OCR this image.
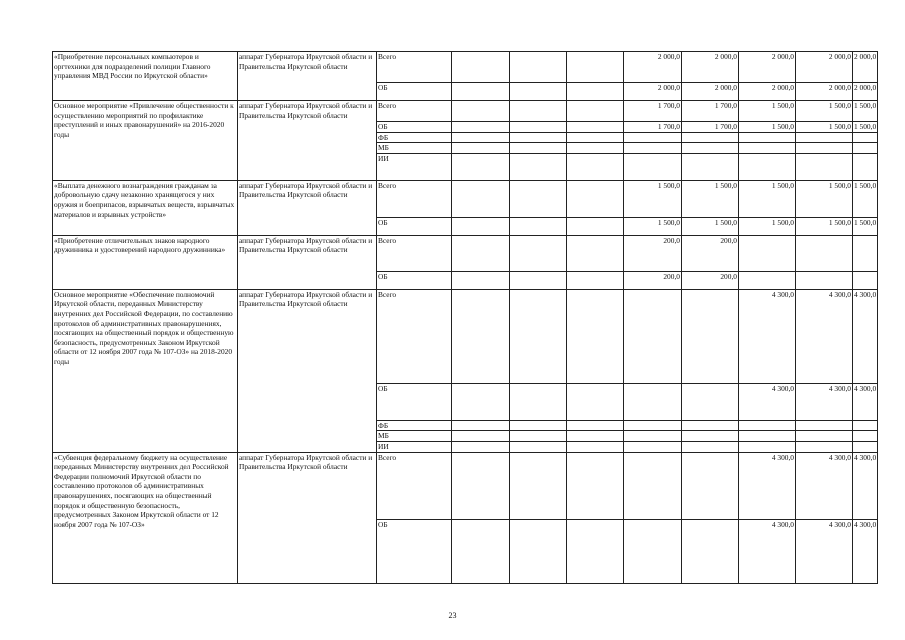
«Приобретение персональных компьютеров и оргтехники для подразделений полиции Главного управления МВД России по Иркутской области»	аппарат Губернатора Иркутской области и Правительства Иркутской области	Всего				2 000,0	2 000,0	2 000,0	2 000,0	2 000,0
		ОБ				2 000,0	2 000,0	2 000,0	2 000,0	2 000,0
Основное мероприятие «Привлечение общественности к осуществлению мероприятий по профилактике преступлений и иных правонарушений» на 2016-2020 годы	аппарат Губернатора Иркутской области и Правительства Иркутской области	Всего				1 700,0	1 700,0	1 500,0	1 500,0	1 500,0
		ОБ				1 700,0	1 700,0	1 500,0	1 500,0	1 500,0
		ФБ								
		МБ								
		ИИ								
«Выплата денежного вознаграждения гражданам за добровольную сдачу незаконно хранящегося у них оружия и боеприпасов, взрывчатых веществ, взрывчатых материалов и взрывных устройств»	аппарат Губернатора Иркутской области и Правительства Иркутской области	Всего				1 500,0	1 500,0	1 500,0	1 500,0	1 500,0
		ОБ				1 500,0	1 500,0	1 500,0	1 500,0	1 500,0
«Приобретение отличительных знаков народного дружинника и удостоверений народного дружинника»	аппарат Губернатора Иркутской области и Правительства Иркутской области	Всего				200,0	200,0			
		ОБ				200,0	200,0			
Основное мероприятие «Обеспечение полномочий Иркутской области, переданных Министерству внутренних дел Российской Федерации, по составлению протоколов об административных правонарушениях, посягающих на общественный порядок и общественную безопасность, предусмотренных Законом Иркутской области от 12 ноября 2007 года № 107-ОЗ» на 2018-2020 годы	аппарат Губернатора Иркутской области и Правительства Иркутской области	Всего						4 300,0	4 300,0	4 300,0
		ОБ						4 300,0	4 300,0	4 300,0
		ФБ								
		МБ								
		ИИ								
«Субвенция федеральному бюджету на осуществление переданных Министерству внутренних дел Российской Федерации полномочий Иркутской области по составлению протоколов об административных правонарушениях, посягающих на общественный порядок и общественную безопасность, предусмотренных Законом Иркутской области от 12 ноября 2007 года № 107-ОЗ»	аппарат Губернатора Иркутской области и Правительства Иркутской области	Всего						4 300,0	4 300,0	4 300,0
		ОБ						4 300,0	4 300,0	4 300,0
23
